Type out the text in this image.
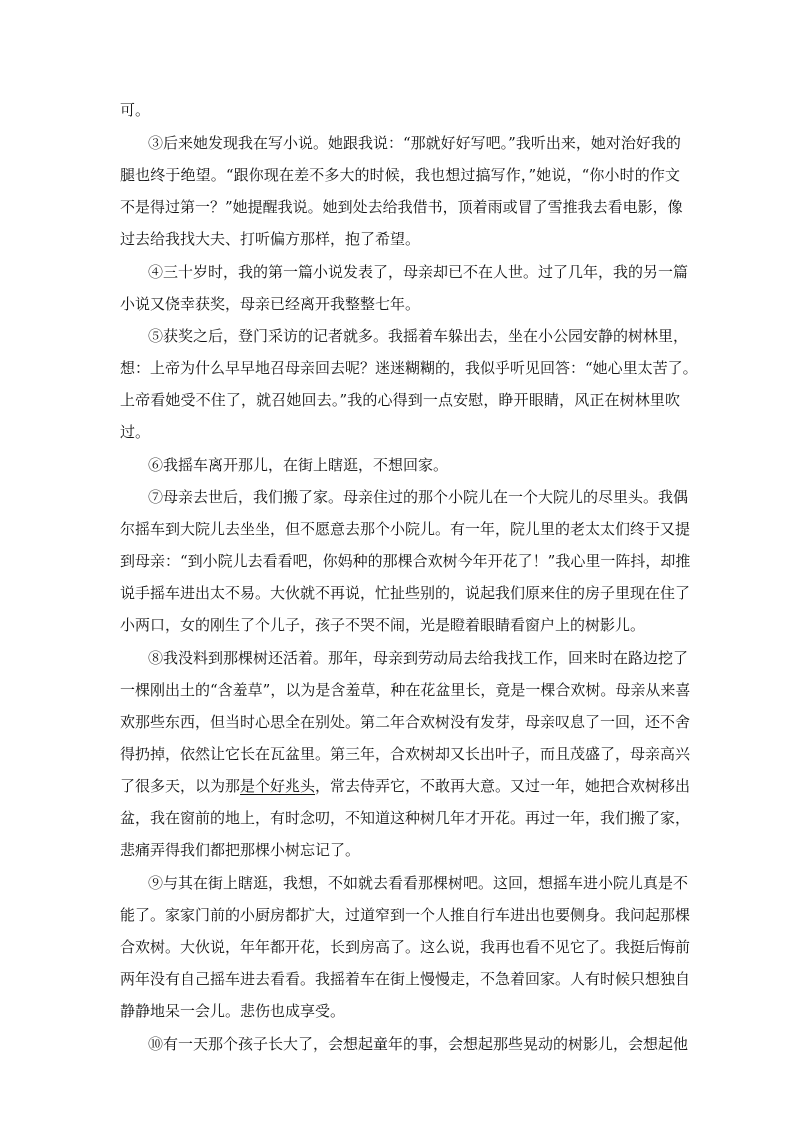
可。
③后来她发现我在写小说。她跟我说：“那就好好写吧。”我听出来，她对治好我的
腿也终于绝望。“跟你现在差不多大的时候，我也想过搞写作，”她说，“你小时的作文
不是得过第一？”她提醒我说。她到处去给我借书，顶着雨或冒了雪推我去看电影，像
过去给我找大夫、打听偏方那样，抱了希望。
④三十岁时，我的第一篇小说发表了，母亲却已不在人世。过了几年，我的另一篇
小说又侥幸获奖，母亲已经离开我整整七年。
⑤获奖之后，登门采访的记者就多。我摇着车躲出去，坐在小公园安静的树林里，
想：上帝为什么早早地召母亲回去呢？迷迷糊糊的，我似乎听见回答：“她心里太苦了。
上帝看她受不住了，就召她回去。”我的心得到一点安慰，睁开眼睛，风正在树林里吹
过。
⑥我摇车离开那儿，在街上瞎逛，不想回家。
⑦母亲去世后，我们搬了家。母亲住过的那个小院儿在一个大院儿的尽里头。我偶
尔摇车到大院儿去坐坐，但不愿意去那个小院儿。有一年，院儿里的老太太们终于又提
到母亲：“到小院儿去看看吧，你妈种的那棵合欢树今年开花了！”我心里一阵抖，却推
说手摇车进出太不易。大伙就不再说，忙扯些别的，说起我们原来住的房子里现在住了
小两口，女的刚生了个儿子，孩子不哭不闹，光是瞪着眼睛看窗户上的树影儿。
⑧我没料到那棵树还活着。那年，母亲到劳动局去给我找工作，回来时在路边挖了
一棵刚出土的“含羞草”，以为是含羞草，种在花盆里长，竟是一棵合欢树。母亲从来喜
欢那些东西，但当时心思全在别处。第二年合欢树没有发芽，母亲叹息了一回，还不舍
得扔掉，依然让它长在瓦盆里。第三年，合欢树却又长出叶子，而且茂盛了，母亲高兴
了很多天，以为那是个好兆头，常去侍弄它，不敢再大意。又过一年，她把合欢树移出
盆，我在窗前的地上，有时念叨，不知道这种树几年才开花。再过一年，我们搬了家，
悲痛弄得我们都把那棵小树忘记了。
⑨与其在街上瞎逛，我想，不如就去看看那棵树吧。这回，想摇车进小院儿真是不
能了。家家门前的小厨房都扩大，过道窄到一个人推自行车进出也要侧身。我问起那棵
合欢树。大伙说，年年都开花，长到房高了。这么说，我再也看不见它了。我挺后悔前
两年没有自己摇车进去看看。我摇着车在街上慢慢走，不急着回家。人有时候只想独自
静静地呆一会儿。悲伤也成享受。
⑩有一天那个孩子长大了，会想起童年的事，会想起那些晃动的树影儿，会想起他
